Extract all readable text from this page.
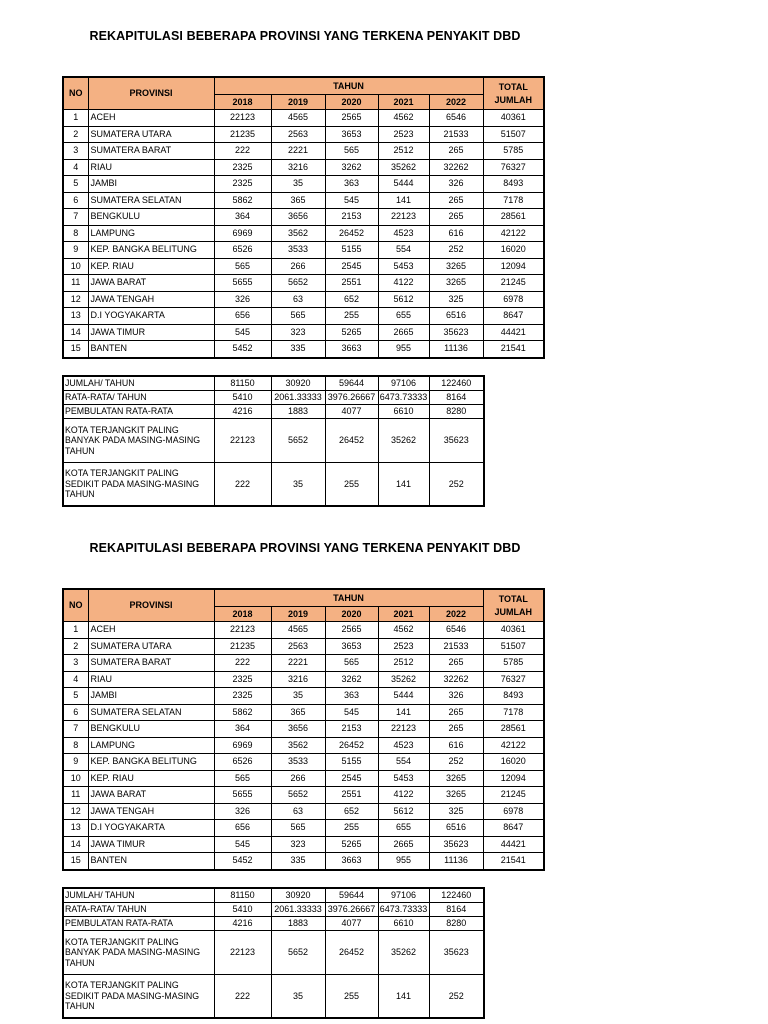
REKAPITULASI BEBERAPA PROVINSI YANG TERKENA PENYAKIT DBD
NO	PROVINSI	TAHUN					TOTAL
JUMLAH
		2018	2019	2020	2021	2022	
1	ACEH	22123	4565	2565	4562	6546	40361
2	SUMATERA UTARA	21235	2563	3653	2523	21533	51507
3	SUMATERA BARAT	222	2221	565	2512	265	5785
4	RIAU	2325	3216	3262	35262	32262	76327
5	JAMBI	2325	35	363	5444	326	8493
6	SUMATERA SELATAN	5862	365	545	141	265	7178
7	BENGKULU	364	3656	2153	22123	265	28561
8	LAMPUNG	6969	3562	26452	4523	616	42122
9	KEP. BANGKA BELITUNG	6526	3533	5155	554	252	16020
10	KEP. RIAU	565	266	2545	5453	3265	12094
11	JAWA BARAT	5655	5652	2551	4122	3265	21245
12	JAWA TENGAH	326	63	652	5612	325	6978
13	D.I YOGYAKARTA	656	565	255	655	6516	8647
14	JAWA TIMUR	545	323	5265	2665	35623	44421
15	BANTEN	5452	335	3663	955	11136	21541
JUMLAH/ TAHUN	81150	30920	59644	97106	122460
RATA-RATA/ TAHUN	5410	2061.33333	3976.26667	6473.73333	8164
PEMBULATAN RATA-RATA	4216	1883	4077	6610	8280
KOTA TERJANGKIT PALING BANYAK PADA MASING-MASING TAHUN	22123	5652	26452	35262	35623
KOTA TERJANGKIT PALING SEDIKIT PADA MASING-MASING TAHUN	222	35	255	141	252
REKAPITULASI BEBERAPA PROVINSI YANG TERKENA PENYAKIT DBD
NO	PROVINSI	TAHUN					TOTAL
JUMLAH
		2018	2019	2020	2021	2022	
1	ACEH	22123	4565	2565	4562	6546	40361
2	SUMATERA UTARA	21235	2563	3653	2523	21533	51507
3	SUMATERA BARAT	222	2221	565	2512	265	5785
4	RIAU	2325	3216	3262	35262	32262	76327
5	JAMBI	2325	35	363	5444	326	8493
6	SUMATERA SELATAN	5862	365	545	141	265	7178
7	BENGKULU	364	3656	2153	22123	265	28561
8	LAMPUNG	6969	3562	26452	4523	616	42122
9	KEP. BANGKA BELITUNG	6526	3533	5155	554	252	16020
10	KEP. RIAU	565	266	2545	5453	3265	12094
11	JAWA BARAT	5655	5652	2551	4122	3265	21245
12	JAWA TENGAH	326	63	652	5612	325	6978
13	D.I YOGYAKARTA	656	565	255	655	6516	8647
14	JAWA TIMUR	545	323	5265	2665	35623	44421
15	BANTEN	5452	335	3663	955	11136	21541
JUMLAH/ TAHUN	81150	30920	59644	97106	122460
RATA-RATA/ TAHUN	5410	2061.33333	3976.26667	6473.73333	8164
PEMBULATAN RATA-RATA	4216	1883	4077	6610	8280
KOTA TERJANGKIT PALING BANYAK PADA MASING-MASING TAHUN	22123	5652	26452	35262	35623
KOTA TERJANGKIT PALING SEDIKIT PADA MASING-MASING TAHUN	222	35	255	141	252
